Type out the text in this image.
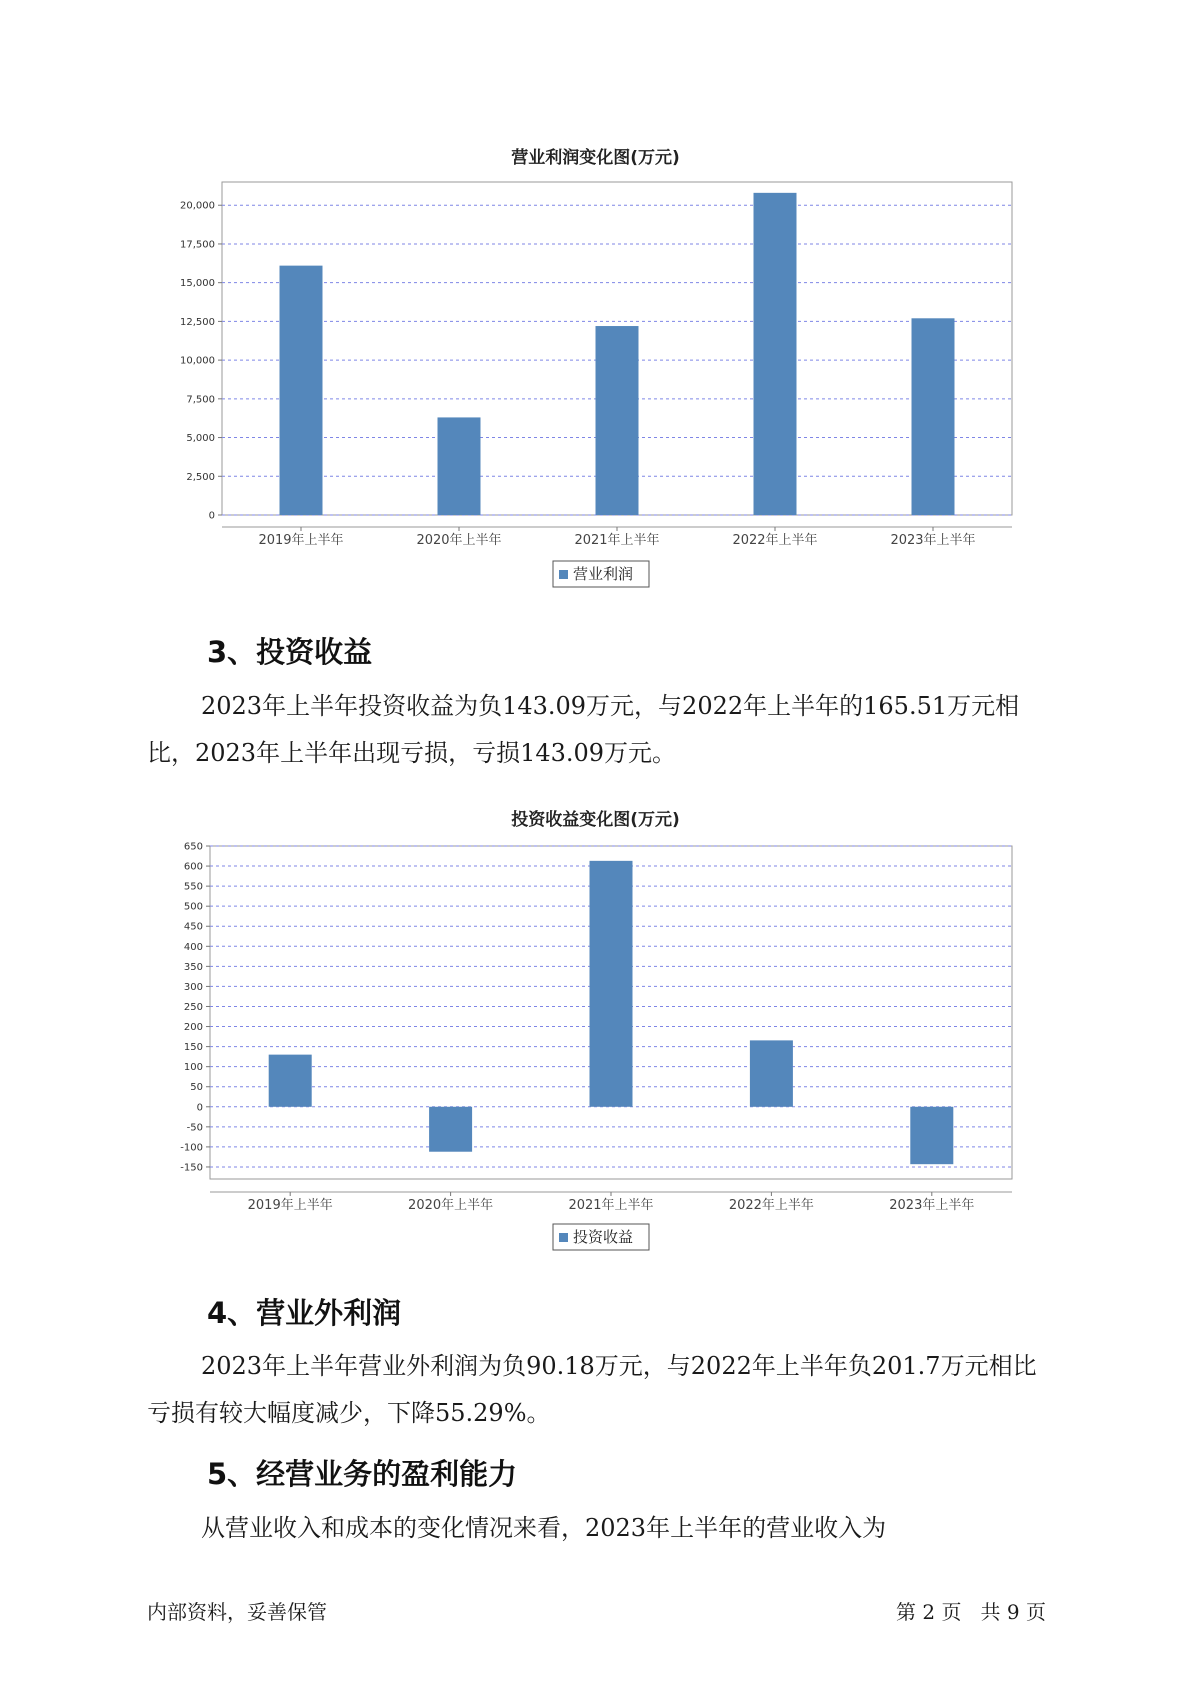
营业利润变化图(万元)
0
2,500
5,000
7,500
10,000
12,500
15,000
17,500
20,000
2019年上半年	2020年上半年	2021年上半年	2022年上半年	2023年上半年
营业利润
3、投资收益

2023年上半年投资收益为负143.09万元，与2022年上半年的165.51万元相比，2023年上半年出现亏损，亏损143.09万元。

投资收益变化图(万元)
-150
-100
-50
0
50
100
150
200
250
300
350
400
450
500
550
600
650
2019年上半年	2020年上半年	2021年上半年	2022年上半年	2023年上半年
投资收益
4、营业外利润

2023年上半年营业外利润为负90.18万元，与2022年上半年负201.7万元相比亏损有较大幅度减少，下降55.29%。

5、经营业务的盈利能力

从营业收入和成本的变化情况来看，2023年上半年的营业收入为

内部资料，妥善保管	第 2 页   共 9 页
